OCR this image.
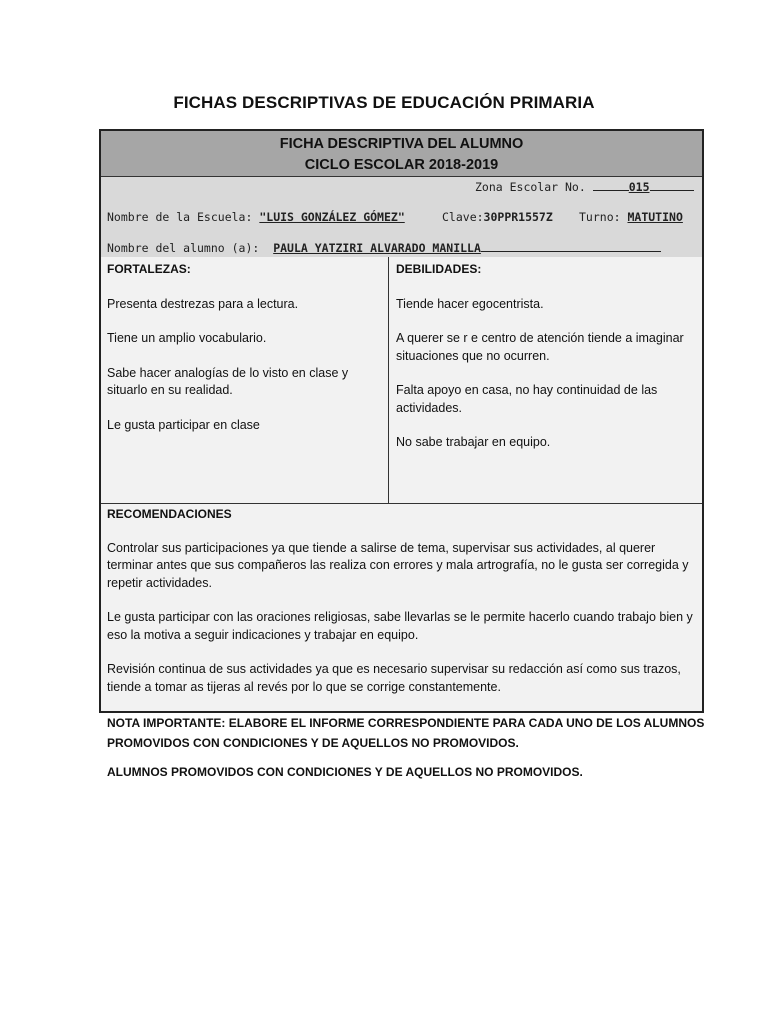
FICHAS DESCRIPTIVAS DE EDUCACIÓN PRIMARIA
FICHA DESCRIPTIVA DEL ALUMNO
CICLO ESCOLAR 2018-2019
Zona Escolar No.	015
Nombre de la Escuela: "LUIS GONZÁLEZ GÓMEZ"	Clave:30PPR1557Z Turno: MATUTINO
Nombre del alumno (a): PAULA YATZIRI ALVARADO MANILLA
FORTALEZAS:

Presenta destrezas para a lectura.

Tiene un amplio vocabulario.

Sabe hacer analogías de lo visto en clase y situarlo en su realidad.

Le gusta participar en clase

DEBILIDADES:

Tiende hacer egocentrista.

A querer se r e centro de atención tiende a imaginar situaciones que no ocurren.

Falta apoyo en casa, no hay continuidad de las actividades.

No sabe trabajar en equipo.

RECOMENDACIONES

Controlar sus participaciones ya que tiende a salirse de tema, supervisar sus actividades, al querer terminar antes que sus compañeros las realiza con errores y mala artrografía, no le gusta ser corregida y repetir actividades.

Le gusta participar con las oraciones religiosas, sabe llevarlas se le permite hacerlo cuando trabajo bien y eso la motiva a seguir indicaciones y trabajar en equipo.

Revisión continua de sus actividades ya que es necesario supervisar su redacción así como sus trazos, tiende a tomar as tijeras al revés por lo que se corrige constantemente.

NOTA IMPORTANTE: ELABORE EL INFORME CORRESPONDIENTE PARA CADA UNO DE LOS ALUMNOS PROMOVIDOS CON CONDICIONES Y DE AQUELLOS NO PROMOVIDOS.

ALUMNOS PROMOVIDOS CON CONDICIONES Y DE AQUELLOS NO PROMOVIDOS.
